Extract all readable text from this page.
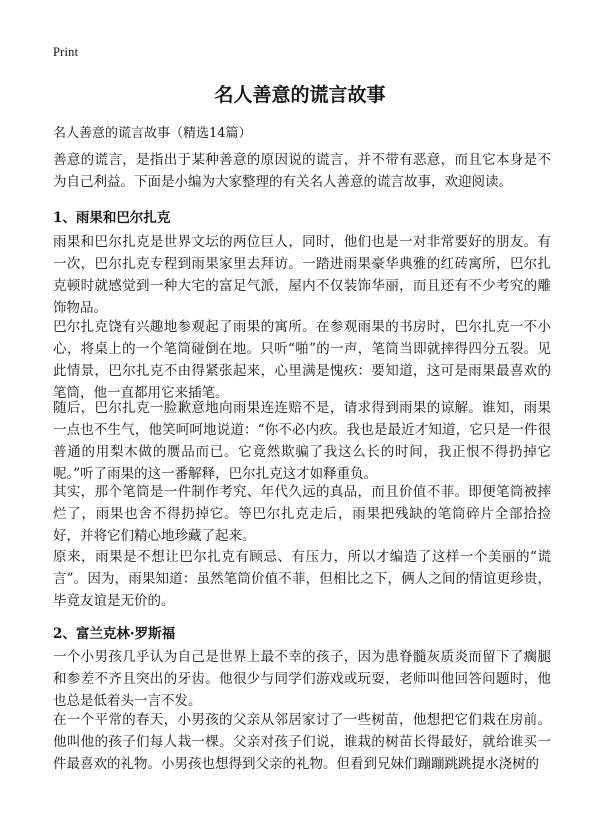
Print
名人善意的谎言故事
名人善意的谎言故事（精选14篇）

善意的谎言，是指出于某种善意的原因说的谎言，并不带有恶意，而且它本身是不为自己利益。下面是小编为大家整理的有关名人善意的谎言故事，欢迎阅读。

1、雨果和巴尔扎克

雨果和巴尔扎克是世界文坛的两位巨人，同时，他们也是一对非常要好的朋友。有一次，巴尔扎克专程到雨果家里去拜访。一踏进雨果豪华典雅的红砖寓所，巴尔扎克顿时就感觉到一种大宅的富足气派，屋内不仅装饰华丽，而且还有不少考究的雕饰物品。

巴尔扎克饶有兴趣地参观起了雨果的寓所。在参观雨果的书房时，巴尔扎克一不小心，将桌上的一个笔筒碰倒在地。只听“啪”的一声，笔筒当即就摔得四分五裂。见此情景，巴尔扎克不由得紧张起来，心里满是愧疚：要知道，这可是雨果最喜欢的笔筒，他一直都用它来插笔。

随后，巴尔扎克一脸歉意地向雨果连连赔不是，请求得到雨果的谅解。谁知，雨果一点也不生气，他笑呵呵地说道：“你不必内疚。我也是最近才知道，它只是一件很普通的用梨木做的赝品而已。它竟然欺骗了我这么长的时间，我正恨不得扔掉它呢。”听了雨果的这一番解释，巴尔扎克这才如释重负。

其实，那个笔筒是一件制作考究、年代久远的真品，而且价值不菲。即便笔筒被摔烂了，雨果也舍不得扔掉它。等巴尔扎克走后，雨果把残缺的笔筒碎片全部拾捡好，并将它们精心地珍藏了起来。

原来，雨果是不想让巴尔扎克有顾忌、有压力，所以才编造了这样一个美丽的“谎言”。因为，雨果知道：虽然笔筒价值不菲，但相比之下，俩人之间的情谊更珍贵，毕竟友谊是无价的。

2、富兰克林·罗斯福

一个小男孩几乎认为自己是世界上最不幸的孩子，因为患脊髓灰质炎而留下了瘸腿和参差不齐且突出的牙齿。他很少与同学们游戏或玩耍，老师叫他回答问题时，他也总是低着头一言不发。

在一个平常的春天，小男孩的父亲从邻居家讨了一些树苗，他想把它们栽在房前。他叫他的孩子们每人栽一棵。父亲对孩子们说，谁栽的树苗长得最好，就给谁买一件最喜欢的礼物。小男孩也想得到父亲的礼物。但看到兄妹们蹦蹦跳跳提水浇树的
